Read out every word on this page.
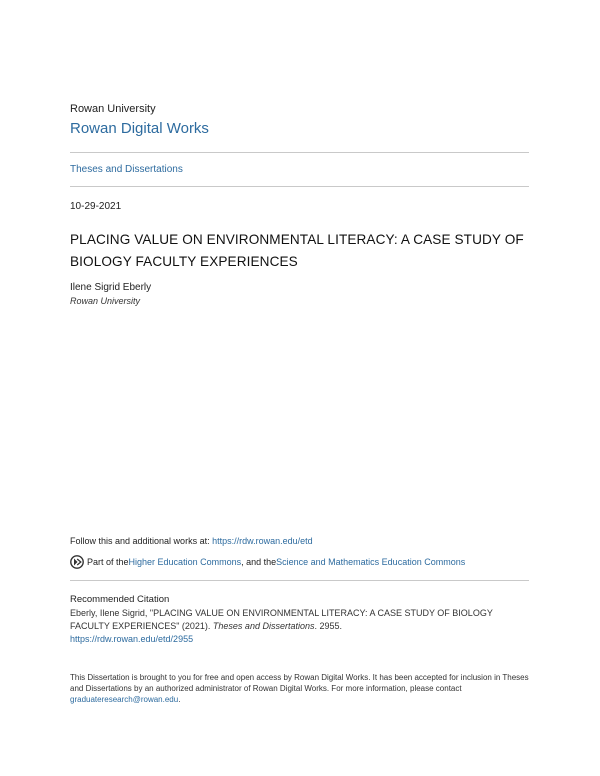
Rowan University
Rowan Digital Works
Theses and Dissertations
10-29-2021
PLACING VALUE ON ENVIRONMENTAL LITERACY: A CASE STUDY OF BIOLOGY FACULTY EXPERIENCES
Ilene Sigrid Eberly
Rowan University
Follow this and additional works at: https://rdw.rowan.edu/etd
Part of the Higher Education Commons , and the Science and Mathematics Education Commons
Recommended Citation
Eberly, Ilene Sigrid, "PLACING VALUE ON ENVIRONMENTAL LITERACY: A CASE STUDY OF BIOLOGY FACULTY EXPERIENCES" (2021). Theses and Dissertations. 2955.
https://rdw.rowan.edu/etd/2955
This Dissertation is brought to you for free and open access by Rowan Digital Works. It has been accepted for inclusion in Theses and Dissertations by an authorized administrator of Rowan Digital Works. For more information, please contact graduateresearch@rowan.edu.
